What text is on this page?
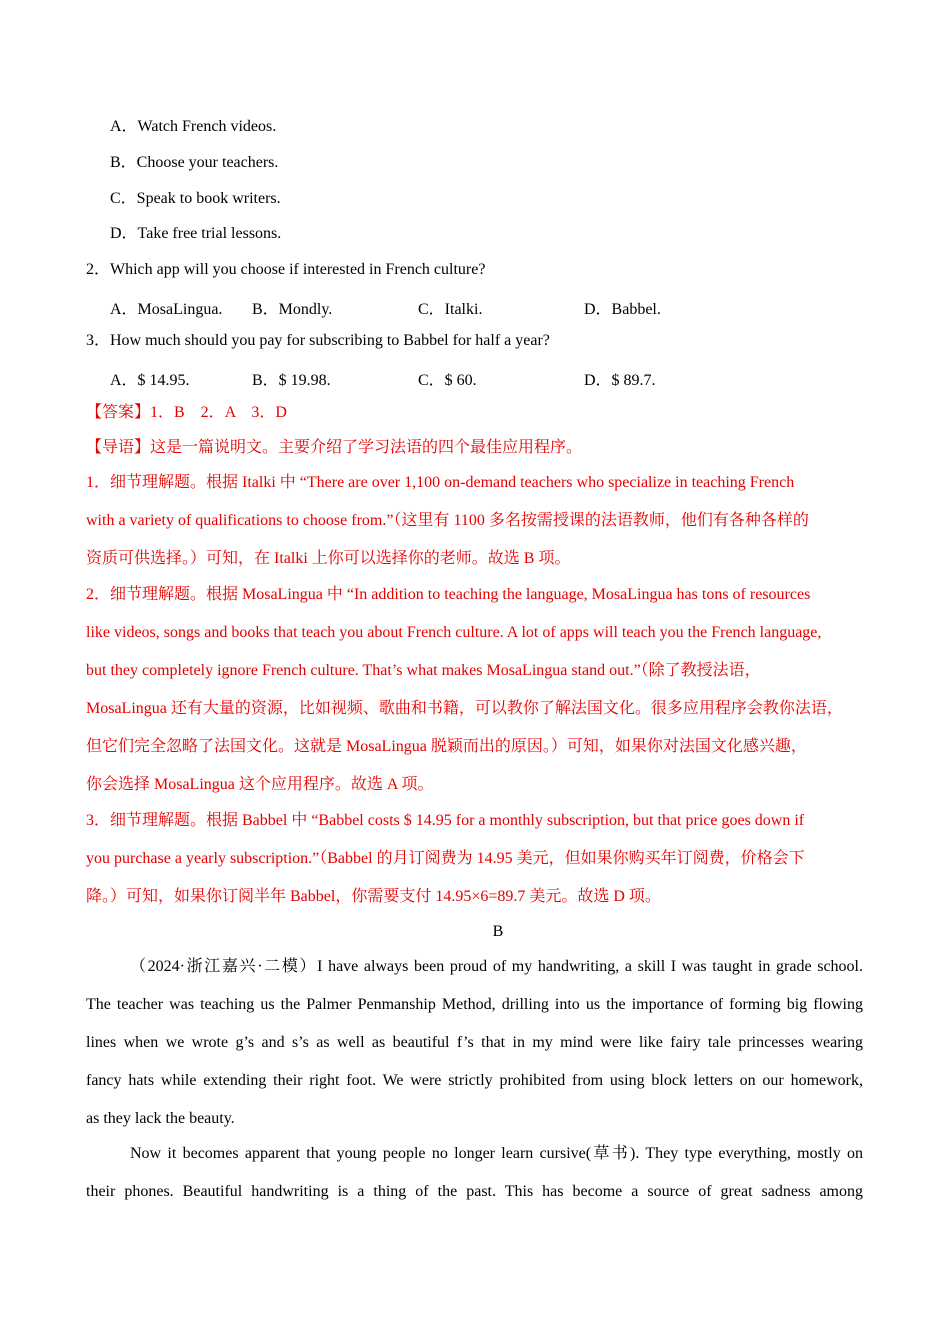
A．Watch French videos.
B．Choose your teachers.
C．Speak to book writers.
D．Take free trial lessons.
2．Which app will you choose if interested in French culture?
A．MosaLingua. B．Mondly.	C．Italki.	D．Babbel.
3．How much should you pay for subscribing to Babbel for half a year?
A．$ 14.95.	B．$ 19.98.	C．$ 60.	D．$ 89.7.
【答案】1．B　2．A　3．D
【导语】这是一篇说明文。主要介绍了学习法语的四个最佳应用程序。
1．细节理解题。根据 Italki 中 “There are over 1,100 on-demand teachers who specialize in teaching French
with a variety of qualifications to choose from.”（这里有 1100 多名按需授课的法语教师，他们有各种各样的
资质可供选择。）可知，在 Italki 上你可以选择你的老师。故选 B 项。
2．细节理解题。根据 MosaLingua 中 “In addition to teaching the language, MosaLingua has tons of resources
like videos, songs and books that teach you about French culture. A lot of apps will teach you the French language,
but they completely ignore French culture. That’s what makes MosaLingua stand out.”（除了教授法语，
MosaLingua 还有大量的资源，比如视频、歌曲和书籍，可以教你了解法国文化。很多应用程序会教你法语，
但它们完全忽略了法国文化。这就是 MosaLingua 脱颖而出的原因。）可知，如果你对法国文化感兴趣，
你会选择 MosaLingua 这个应用程序。故选 A 项。
3．细节理解题。根据 Babbel 中 “Babbel costs $ 14.95 for a monthly subscription, but that price goes down if
you purchase a yearly subscription.”（Babbel 的月订阅费为 14.95 美元，但如果你购买年订阅费，价格会下
降。）可知，如果你订阅半年 Babbel，你需要支付 14.95×6=89.7 美元。故选 D 项。
B
（2024·浙江嘉兴·二模）I have always been proud of my handwriting, a skill I was taught in grade school.
The teacher was teaching us the Palmer Penmanship Method, drilling into us the importance of forming big flowing
lines when we wrote g’s and s’s as well as beautiful f’s that in my mind were like fairy tale princesses wearing
fancy hats while extending their right foot. We were strictly prohibited from using block letters on our homework,
as they lack the beauty.
Now it becomes apparent that young people no longer learn cursive(草书). They type everything, mostly on
their phones. Beautiful handwriting is a thing of the past. This has become a source of great sadness among
